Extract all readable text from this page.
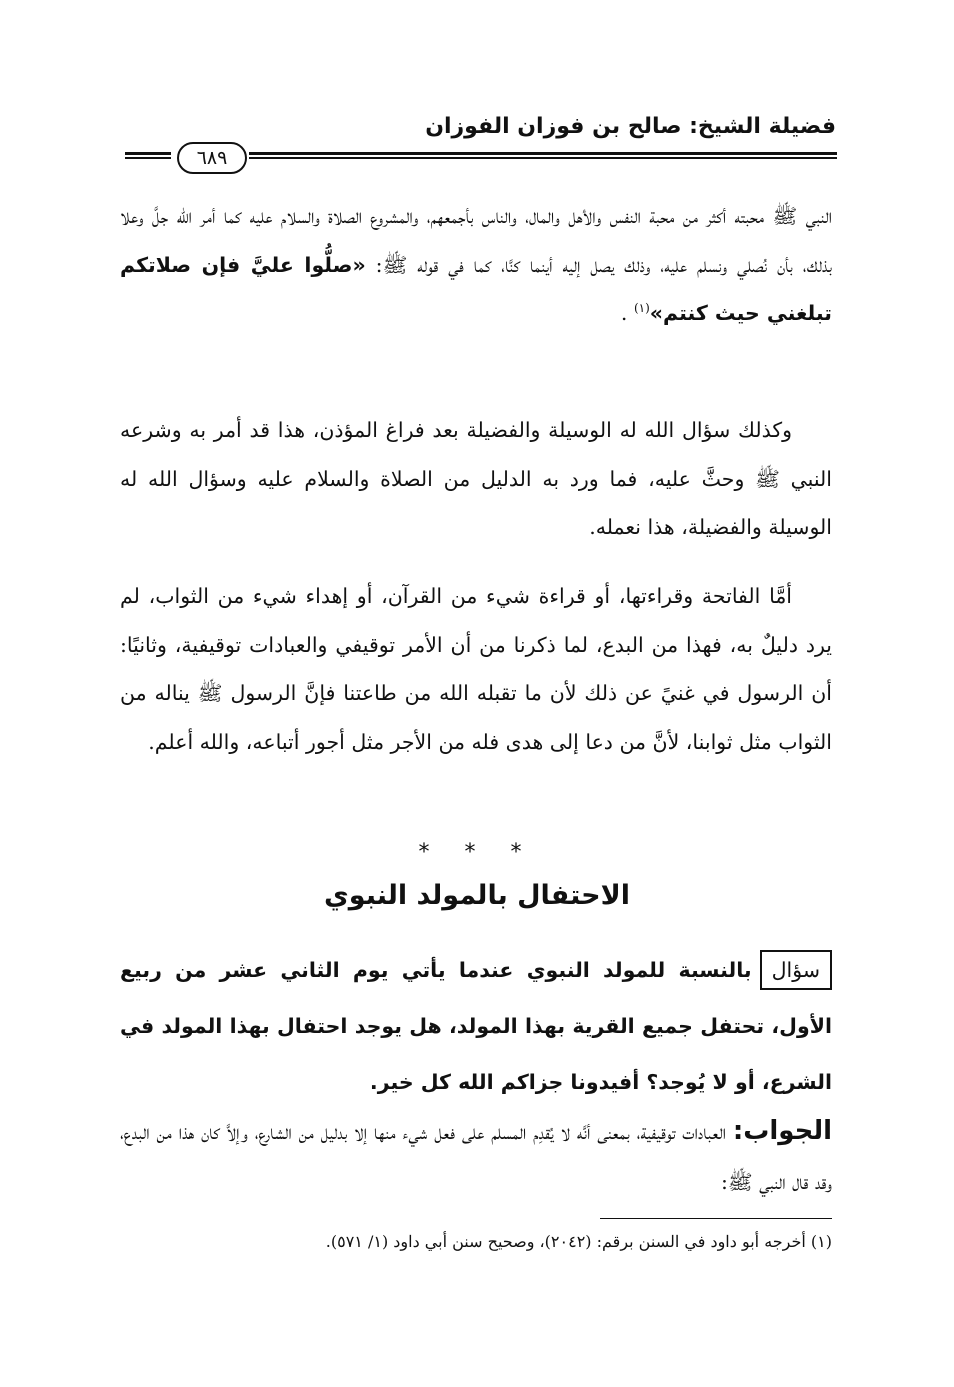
فضيلة الشيخ: صالح بن فوزان الفوزان
٦٨٩

النبي ﷺ محبته أكثر من محبة النفس والأهل والمال، والناس بأجمعهم، والمشروع الصلاة والسلام عليه كما أمر الله جلَّ وعلا بذلك، بأن نُصلي ونسلم عليه، وذلك يصل إليه أينما كنَّا، كما في قوله ﷺ: «صلُّوا عليَّ فإن صلاتكم تبلغني حيث كنتم»$^{(١)}$ .

وكذلك سؤال الله له الوسيلة والفضيلة بعد فراغ المؤذن، هذا قد أمر به وشرعه النبي ﷺ وحثَّ عليه، فما ورد به الدليل من الصلاة والسلام عليه وسؤال الله له الوسيلة والفضيلة، هذا نعمله.

أمَّا الفاتحة وقراءتها، أو قراءة شيء من القرآن، أو إهداء شيء من الثواب، لم يرد دليلٌ به، فهذا من البدع، لما ذكرنا من أن الأمر توقيفي والعبادات توقيفية، وثانيًا: أن الرسول في غنيً عن ذلك لأن ما تقبله الله من طاعتنا فإنَّ الرسول ﷺ يناله من الثواب مثل ثوابنا، لأنَّ من دعا إلى هدى فله من الأجر مثل أجور أتباعه، والله أعلم.

* * *
الاحتفال بالمولد النبوي
سؤالبالنسبة للمولد النبوي عندما يأتي يوم الثاني عشر من ربيع الأول، تحتفل جميع القرية بهذا المولد، هل يوجد احتفال بهذا المولد في الشرع، أو لا يُوجد؟ أفيدونا جزاكم الله كل خير.
الجواب: العبادات توقيفية، بمعنى أنَّه لا يُقدِم المسلم على فعل شيء منها إلا بدليل من الشارع، وإلاَّ كان هذا من البدع، وقد قال النبي ﷺ:
(١) أخرجه أبو داود في السنن برقم: (٢٠٤٢)، وصحيح سنن أبي داود (١/ ٥٧١).
